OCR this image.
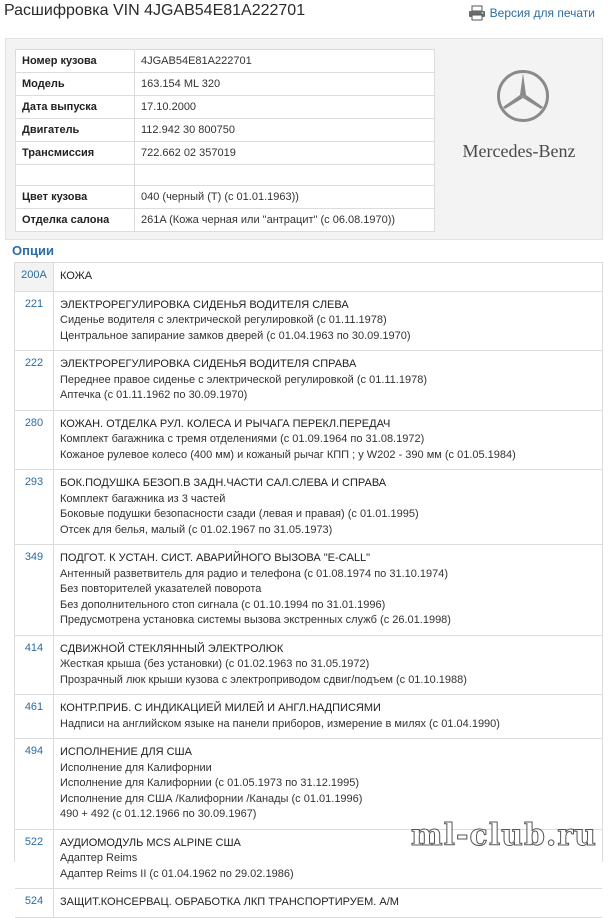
Расшифровка VIN 4JGAB54E81A222701	Версия для печати
Номер кузова	4JGAB54E81A222701
Модель	163.154 ML 320
Дата выпуска	17.10.2000
Двигатель	112.942 30 800750
Трансмиссия	722.662 02 357019

Цвет кузова	040 (черный (T) (с 01.01.1963))
Отделка салона	261A (Кожа черная или "антрацит" (с 06.08.1970))
Mercedes-Benz
Опции
200A	КОЖА
221	ЭЛЕКТРОРЕГУЛИРОВКА СИДЕНЬЯ ВОДИТЕЛЯ СЛЕВА
Сиденье водителя с электрической регулировкой (с 01.11.1978)
Центральное запирание замков дверей (с 01.04.1963 по 30.09.1970)
222	ЭЛЕКТРОРЕГУЛИРОВКА СИДЕНЬЯ ВОДИТЕЛЯ СПРАВА
Переднее правое сиденье с электрической регулировкой (с 01.11.1978)
Аптечка (с 01.11.1962 по 30.09.1970)
280	КОЖАН. ОТДЕЛКА РУЛ. КОЛЕСА И РЫЧАГА ПЕРЕКЛ.ПЕРЕДАЧ
Комплект багажника с тремя отделениями (с 01.09.1964 по 31.08.1972)
Кожаное рулевое колесо (400 мм) и кожаный рычаг КПП ; у W202 - 390 мм (с 01.05.1984)
293	БОК.ПОДУШКА БЕЗОП.В ЗАДН.ЧАСТИ САЛ.СЛЕВА И СПРАВА
Комплект багажника из 3 частей
Боковые подушки безопасности сзади (левая и правая) (с 01.01.1995)
Отсек для белья, малый (с 01.02.1967 по 31.05.1973)
349	ПОДГОТ. К УСТАН. СИСТ. АВАРИЙНОГО ВЫЗОВА "E-CALL"
Антенный разветвитель для радио и телефона (с 01.08.1974 по 31.10.1974)
Без повторителей указателей поворота
Без дополнительного стоп сигнала (с 01.10.1994 по 31.01.1996)
Предусмотрена установка системы вызова экстренных служб (с 26.01.1998)
414	СДВИЖНОЙ СТЕКЛЯННЫЙ ЭЛЕКТРОЛЮК
Жесткая крыша (без установки) (с 01.02.1963 по 31.05.1972)
Прозрачный люк крыши кузова с электроприводом сдвиг/подъем (с 01.10.1988)
461	КОНТР.ПРИБ. С ИНДИКАЦИЕЙ МИЛЕЙ И АНГЛ.НАДПИСЯМИ
Надписи на английском языке на панели приборов, измерение в милях (с 01.04.1990)
494	ИСПОЛНЕНИЕ ДЛЯ США
Исполнение для Калифорнии
Исполнение для Калифорнии (с 01.05.1973 по 31.12.1995)
Исполнение для США /Калифорнии /Канады (с 01.01.1996)
490 + 492 (с 01.12.1966 по 30.09.1967)
522	АУДИОМОДУЛЬ MCS ALPINE США
Адаптер Reims
Адаптер Reims II (с 01.04.1962 по 29.02.1986)
524	ЗАЩИТ.КОНСЕРВАЦ. ОБРАБОТКА ЛКП ТРАНСПОРТИРУЕМ. А/М
ml-club.ru
